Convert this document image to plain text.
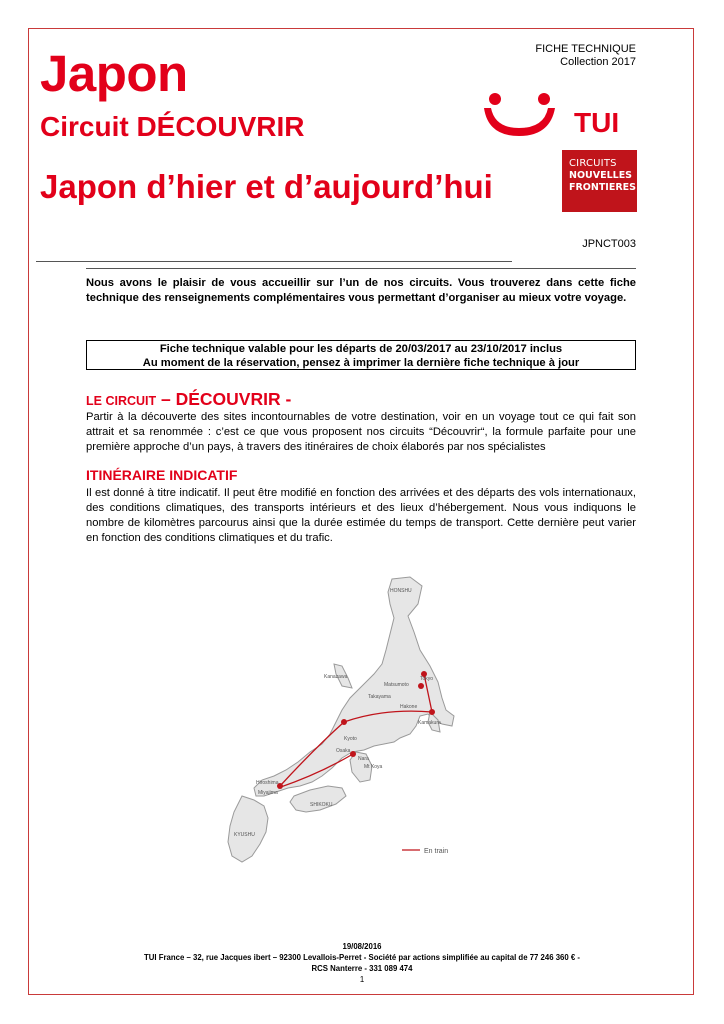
Japon
Circuit DÉCOUVRIR
Japon d’hier et d’aujourd’hui
FICHE TECHNIQUE
Collection 2017
TUI
CIRCUITS
NOUVELLES
FRONTIERES
JPNCT003
Nous avons le plaisir de vous accueillir sur l’un de nos circuits. Vous trouverez dans cette fiche technique des renseignements complémentaires vous permettant d’organiser au mieux votre voyage.
Fiche technique valable pour les départs de 20/03/2017 au 23/10/2017 inclus
Au moment de la réservation, pensez à imprimer la dernière fiche technique à jour
LE CIRCUIT – DÉCOUVRIR -
Partir à la découverte des sites incontournables de votre destination, voir en un voyage tout ce qui fait son attrait et sa renommée : c’est ce que vous proposent nos circuits “Découvrir“, la formule parfaite pour une première approche d’un pays, à travers des itinéraires de choix élaborés par nos spécialistes
ITINÉRAIRE INDICATIF
Il est donné à titre indicatif. Il peut être modifié en fonction des arrivées et des départs des vols internationaux, des conditions climatiques, des transports intérieurs et des lieux d’hébergement. Nous vous indiquons le nombre de kilomètres parcourus ainsi que la durée estimée du temps de transport. Cette dernière peut varier en fonction des conditions climatiques et du trafic.
HONSHU
Kanazawa
Matsumoto
Takayama
Tokyo
Hakone
Kamakura
Kyoto
Osaka
Nara
Mt Koya
Hiroshima
Miyajima
SHIKOKU
KYUSHU
En train
19/08/2016
TUI France – 32, rue Jacques ibert – 92300 Levallois-Perret - Société par actions simplifiée au capital de 77 246 360 € -
RCS Nanterre - 331 089 474
1
